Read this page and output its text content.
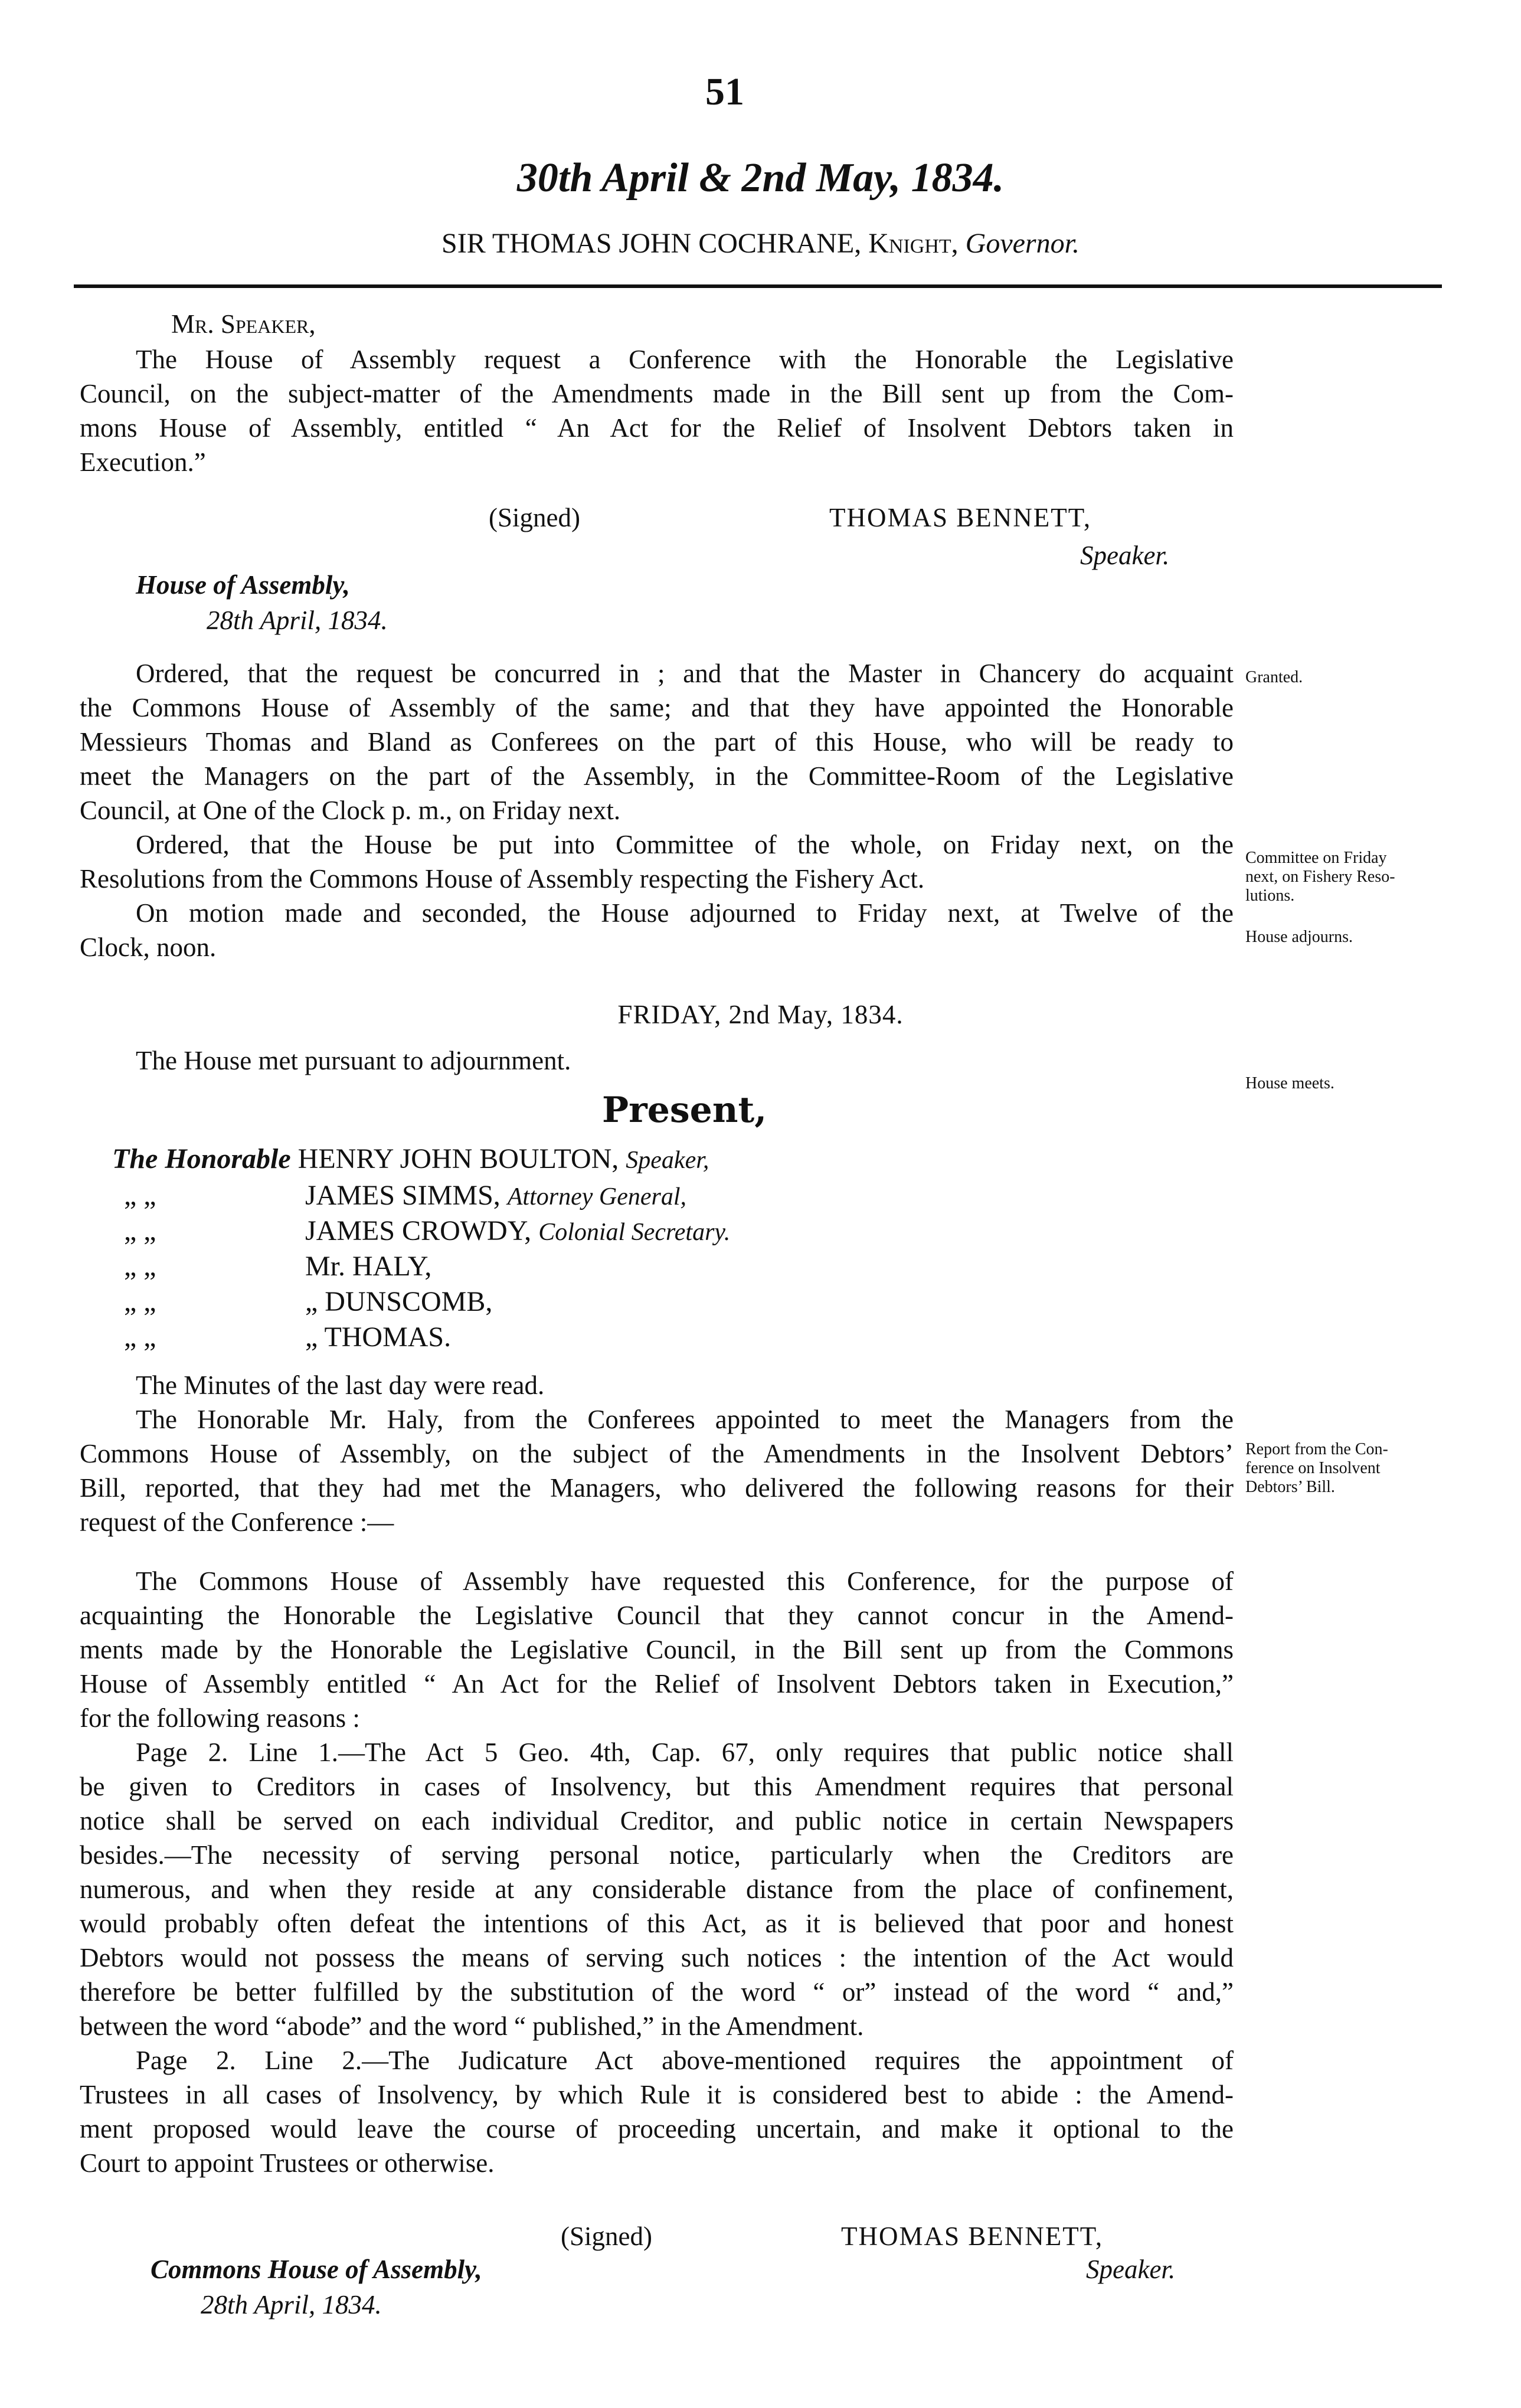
51
30th April & 2nd May, 1834.
SIR THOMAS JOHN COCHRANE, Knight, Governor.
Mr. Speaker,
The House of Assembly request a Conference with the Honorable the Legislative
Council, on the subject-matter of the Amendments made in the Bill sent up from the Com-
mons House of Assembly, entitled “ An Act for the Relief of Insolvent Debtors taken in
Execution.”
(Signed)	THOMAS BENNETT,
Speaker.
House of Assembly,
28th April, 1834.
Ordered, that the request be concurred in ; and that the Master in Chancery do acquaint
the Commons House of Assembly of the same; and that they have appointed the Honorable
Messieurs Thomas and Bland as Conferees on the part of this House, who will be ready to
meet the Managers on the part of the Assembly, in the Committee-Room of the Legislative
Council, at One of the Clock p. m., on Friday next.
Ordered, that the House be put into Committee of the whole, on Friday next, on the
Resolutions from the Commons House of Assembly respecting the Fishery Act.
On motion made and seconded, the House adjourned to Friday next, at Twelve of the
Clock, noon.
FRIDAY, 2nd May, 1834.
The House met pursuant to adjournment.
Present,
The Honorable HENRY JOHN BOULTON, Speaker,
„ „	JAMES SIMMS, Attorney General,
„ „	JAMES CROWDY, Colonial Secretary.
„ „	Mr. HALY,
„ „	„ DUNSCOMB,
„ „	„ THOMAS.
The Minutes of the last day were read.
The Honorable Mr. Haly, from the Conferees appointed to meet the Managers from the
Commons House of Assembly, on the subject of the Amendments in the Insolvent Debtors’
Bill, reported, that they had met the Managers, who delivered the following reasons for their
request of the Conference :—
The Commons House of Assembly have requested this Conference, for the purpose of
acquainting the Honorable the Legislative Council that they cannot concur in the Amend-
ments made by the Honorable the Legislative Council, in the Bill sent up from the Commons
House of Assembly entitled “ An Act for the Relief of Insolvent Debtors taken in Execution,”
for the following reasons :
Page 2. Line 1.—The Act 5 Geo. 4th, Cap. 67, only requires that public notice shall
be given to Creditors in cases of Insolvency, but this Amendment requires that personal
notice shall be served on each individual Creditor, and public notice in certain Newspapers
besides.—The necessity of serving personal notice, particularly when the Creditors are
numerous, and when they reside at any considerable distance from the place of confinement,
would probably often defeat the intentions of this Act, as it is believed that poor and honest
Debtors would not possess the means of serving such notices : the intention of the Act would
therefore be better fulfilled by the substitution of the word “ or” instead of the word “ and,”
between the word “abode” and the word “ published,” in the Amendment.
Page 2. Line 2.—The Judicature Act above-mentioned requires the appointment of
Trustees in all cases of Insolvency, by which Rule it is considered best to abide : the Amend-
ment proposed would leave the course of proceeding uncertain, and make it optional to the
Court to appoint Trustees or otherwise.
(Signed)	THOMAS BENNETT,
Commons House of Assembly,	Speaker.
28th April, 1834.
Granted.
Committee on Friday
next, on Fishery Reso-
lutions.
House adjourns.
House meets.
Report from the Con-
ference on Insolvent
Debtors’ Bill.
